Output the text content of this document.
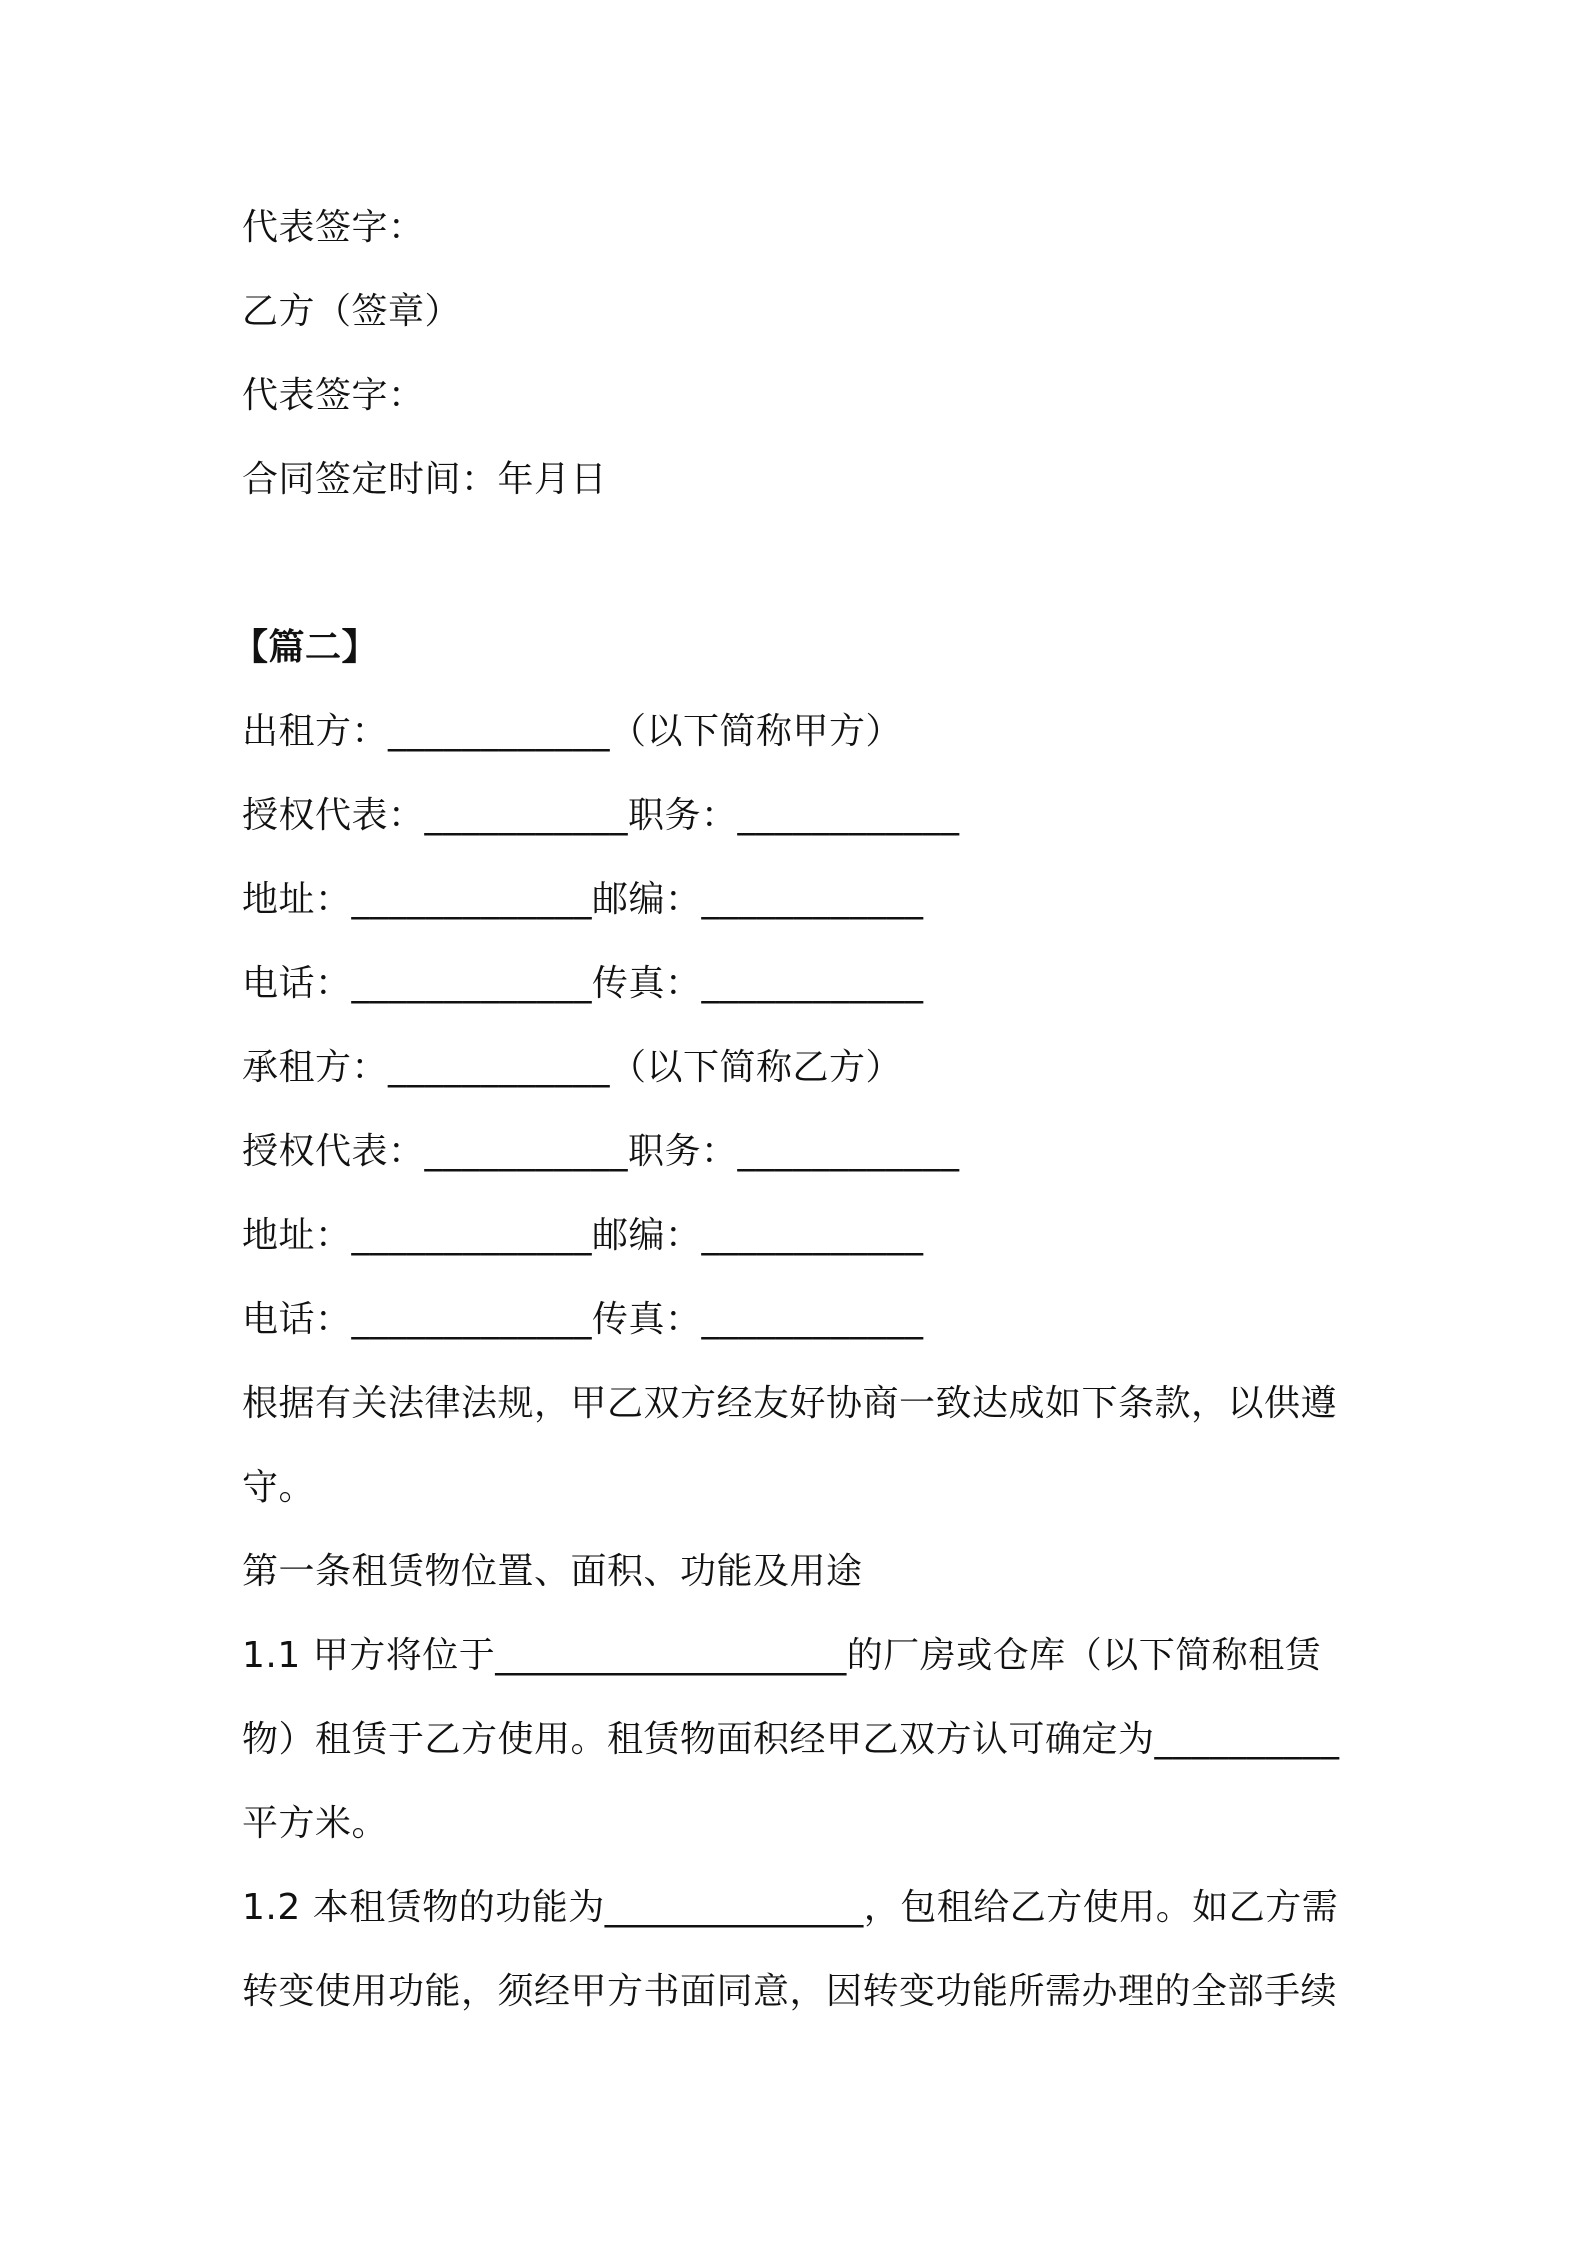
代表签字：
乙方（签章）
代表签字：
合同签定时间：年月日
【篇二】
出租方：____________（以下简称甲方）
授权代表：___________职务：____________
地址：_____________邮编：____________
电话：_____________传真：____________
承租方：____________（以下简称乙方）
授权代表：___________职务：____________
地址：_____________邮编：____________
电话：_____________传真：____________
根据有关法律法规，甲乙双方经友好协商一致达成如下条款，以供遵
守。
第一条租赁物位置、面积、功能及用途
1.1 甲方将位于___________________的厂房或仓库（以下简称租赁
物）租赁于乙方使用。租赁物面积经甲乙双方认可确定为__________
平方米。
1.2 本租赁物的功能为______________，包租给乙方使用。如乙方需
转变使用功能，须经甲方书面同意，因转变功能所需办理的全部手续
